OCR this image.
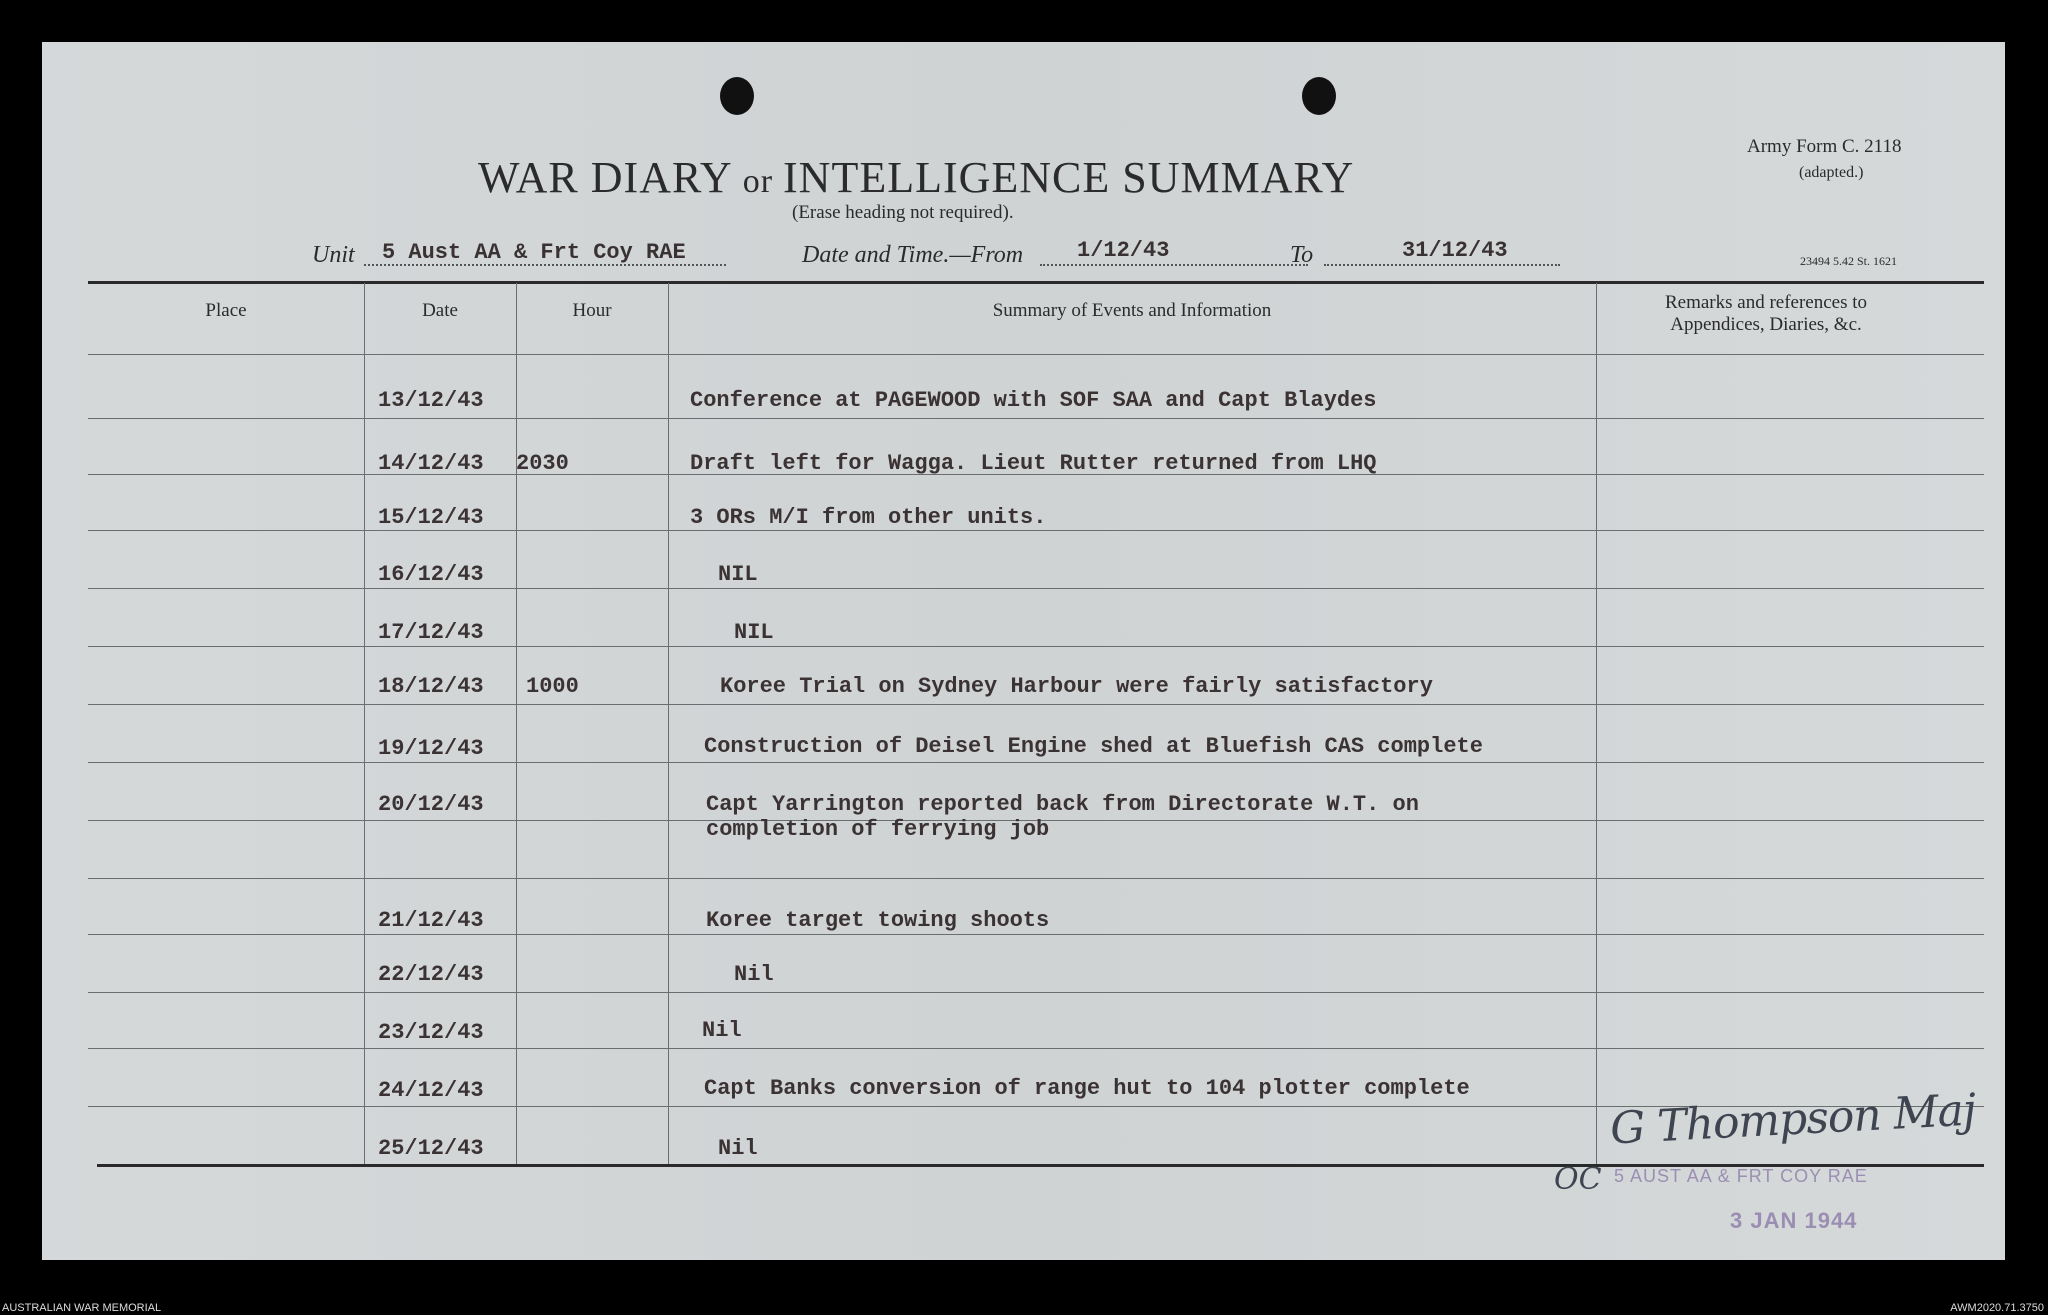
WAR DIARY or INTELLIGENCE SUMMARY
(Erase heading not required).
Army Form C. 2118
(adapted.)
23494 5.42 St. 1621
Unit 5 Aust AA & Frt Coy RAE	Date and Time.—From 1/12/43	To	31/12/43
Place	Date	Hour	Summary of Events and Information	Remarks and references to
Appendices, Diaries, &c.
13/12/43	Conference at PAGEWOOD with SOF SAA and Capt Blaydes
14/12/43 2030	Draft left for Wagga. Lieut Rutter returned from LHQ
15/12/43	3 ORs M/I from other units.
16/12/43	NIL
17/12/43	NIL
18/12/43 1000	Koree Trial on Sydney Harbour were fairly satisfactory
19/12/43	Construction of Deisel Engine shed at Bluefish CAS complete
20/12/43	Capt Yarrington reported back from Directorate W.T. on
completion of ferrying job
21/12/43	Koree target towing shoots
22/12/43	Nil
23/12/43	Nil
24/12/43	Capt Banks conversion of range hut to 104 plotter complete
25/12/43	Nil	G Thompson Maj
OC 5 AUST AA & FRT COY RAE
3 JAN 1944
AUSTRALIAN WAR MEMORIAL	AWM2020.71.3750
